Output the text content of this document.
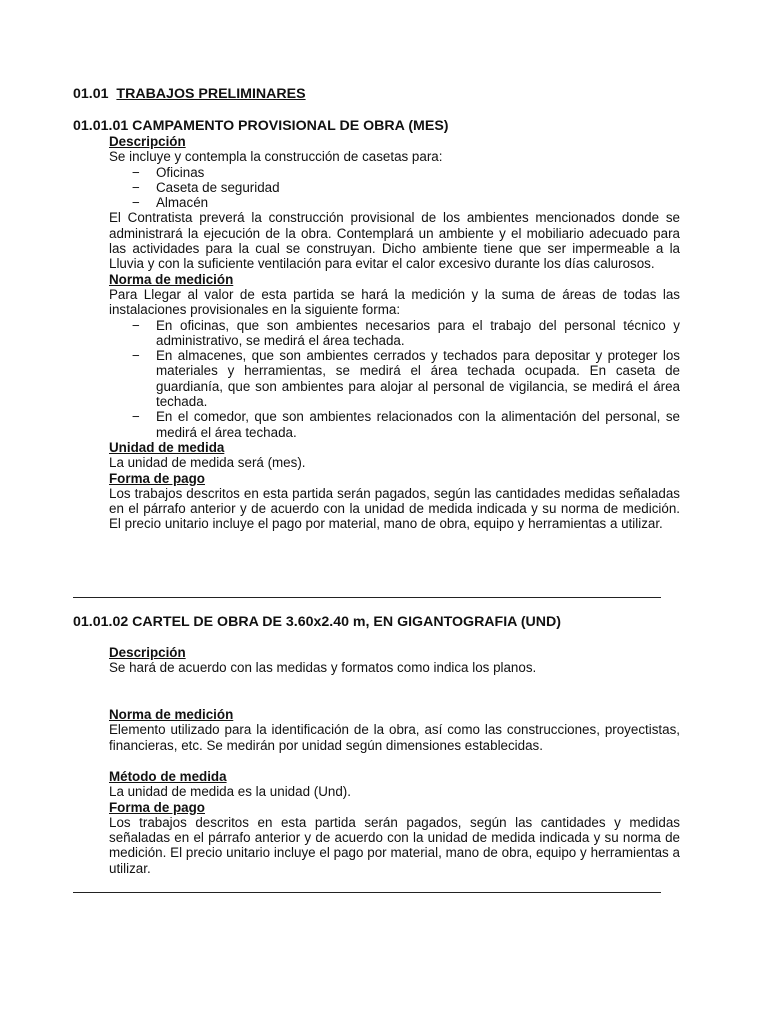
01.01 TRABAJOS PRELIMINARES
01.01.01 CAMPAMENTO PROVISIONAL DE OBRA (MES)
Descripción
Se incluye y contempla la construcción de casetas para:
− Oficinas
− Caseta de seguridad
− Almacén
El Contratista preverá la construcción provisional de los ambientes mencionados donde se administrará la ejecución de la obra. Contemplará un ambiente y el mobiliario adecuado para las actividades para la cual se construyan. Dicho ambiente tiene que ser impermeable a la Lluvia y con la suficiente ventilación para evitar el calor excesivo durante los días calurosos.
Norma de medición
Para Llegar al valor de esta partida se hará la medición y la suma de áreas de todas las instalaciones provisionales en la siguiente forma:
− En oficinas, que son ambientes necesarios para el trabajo del personal técnico y administrativo, se medirá el área techada.
− En almacenes, que son ambientes cerrados y techados para depositar y proteger los materiales y herramientas, se medirá el área techada ocupada. En caseta de guardianía, que son ambientes para alojar al personal de vigilancia, se medirá el área techada.
− En el comedor, que son ambientes relacionados con la alimentación del personal, se medirá el área techada.
Unidad de medida
La unidad de medida será (mes).
Forma de pago
Los trabajos descritos en esta partida serán pagados, según las cantidades medidas señaladas en el párrafo anterior y de acuerdo con la unidad de medida indicada y su norma de medición. El precio unitario incluye el pago por material, mano de obra, equipo y herramientas a utilizar.
01.01.02 CARTEL DE OBRA DE 3.60x2.40 m, EN GIGANTOGRAFIA (UND)
Descripción
Se hará de acuerdo con las medidas y formatos como indica los planos.
Norma de medición
Elemento utilizado para la identificación de la obra, así como las construcciones, proyectistas, financieras, etc. Se medirán por unidad según dimensiones establecidas.
Método de medida
La unidad de medida es la unidad (Und).
Forma de pago
Los trabajos descritos en esta partida serán pagados, según las cantidades y medidas señaladas en el párrafo anterior y de acuerdo con la unidad de medida indicada y su norma de medición. El precio unitario incluye el pago por material, mano de obra, equipo y herramientas a utilizar.
